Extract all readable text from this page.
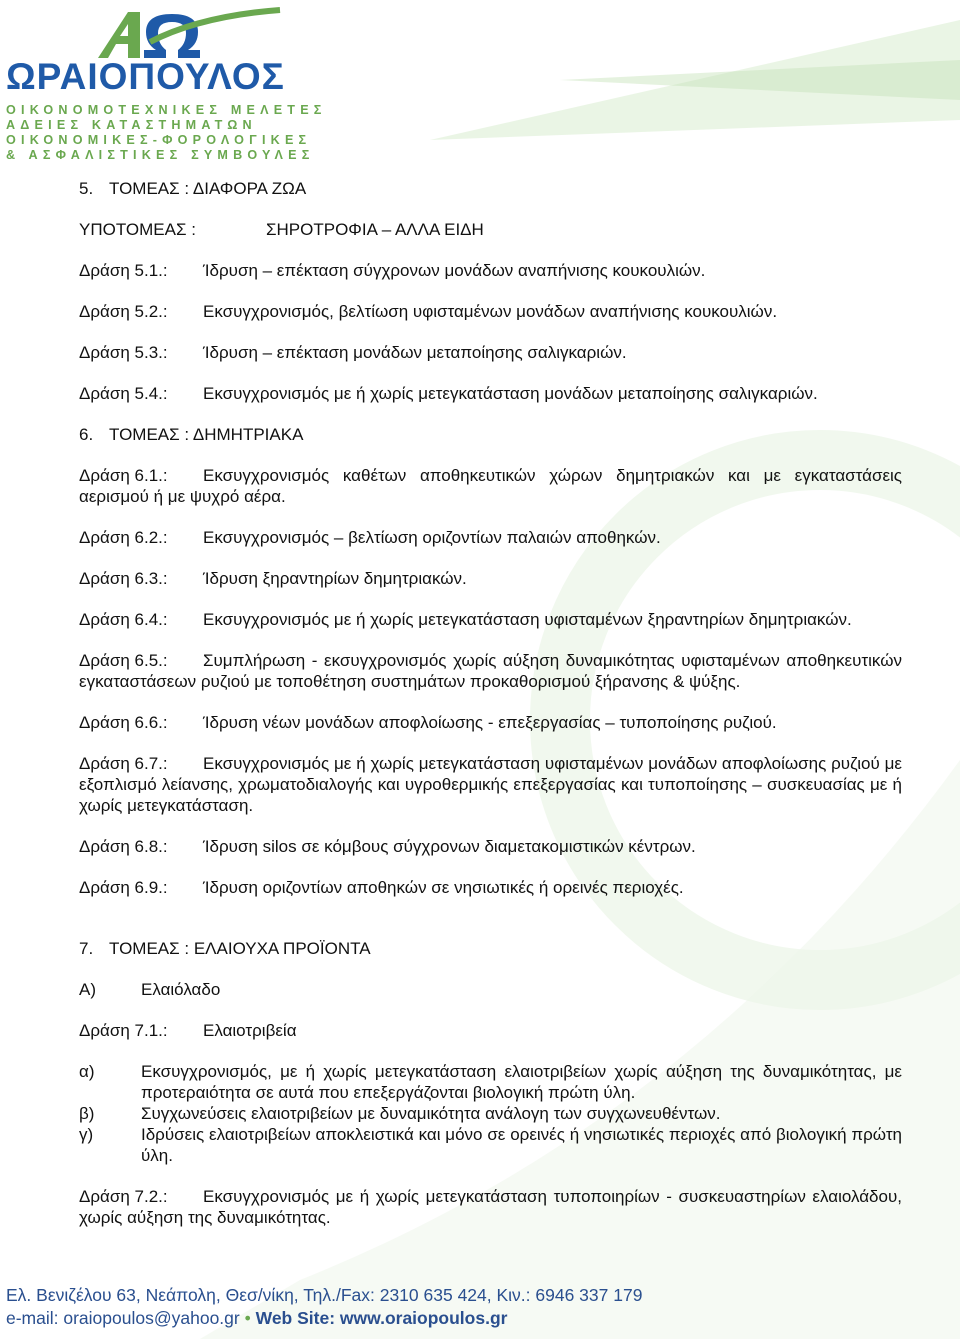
ΩΡΑΙΟΠΟΥΛΟΣ
ΟΙΚΟΝΟΜΟΤΕΧΝΙΚΕΣ ΜΕΛΕΤΕΣ
ΑΔΕΙΕΣ ΚΑΤΑΣΤΗΜΑΤΩΝ
ΟΙΚΟΝΟΜΙΚΕΣ-ΦΟΡΟΛΟΓΙΚΕΣ
& ΑΣΦΑΛΙΣΤΙΚΕΣ ΣΥΜΒΟΥΛΕΣ
5. ΤΟΜΕΑΣ : ΔΙΑΦΟΡΑ ΖΩΑ
ΥΠΟΤΟΜΕΑΣ :	ΣΗΡΟΤΡΟΦΙΑ – ΑΛΛΑ ΕΙΔΗ
Δράση 5.1.:	Ίδρυση – επέκταση σύγχρονων μονάδων αναπήνισης κουκουλιών.
Δράση 5.2.:	Εκσυγχρονισμός, βελτίωση υφισταμένων μονάδων αναπήνισης κουκουλιών.
Δράση 5.3.:	Ίδρυση – επέκταση μονάδων μεταποίησης σαλιγκαριών.
Δράση 5.4.:	Εκσυγχρονισμός με ή χωρίς μετεγκατάσταση μονάδων μεταποίησης σαλιγκαριών.
6. ΤΟΜΕΑΣ : ΔΗΜΗΤΡΙΑΚΑ
Δράση 6.1.: Εκσυγχρονισμός καθέτων αποθηκευτικών χώρων δημητριακών και με εγκαταστάσεις αερισμού ή με ψυχρό αέρα.
Δράση 6.2.:	Εκσυγχρονισμός – βελτίωση οριζοντίων παλαιών αποθηκών.
Δράση 6.3.:	Ίδρυση ξηραντηρίων δημητριακών.
Δράση 6.4.: Εκσυγχρονισμός με ή χωρίς μετεγκατάσταση υφισταμένων ξηραντηρίων δημητριακών.
Δράση 6.5.: Συμπλήρωση - εκσυγχρονισμός χωρίς αύξηση δυναμικότητας υφισταμένων αποθηκευτικών εγκαταστάσεων ρυζιού με τοποθέτηση συστημάτων προκαθορισμού ξήρανσης & ψύξης.
Δράση 6.6.:	Ίδρυση νέων μονάδων αποφλοίωσης - επεξεργασίας – τυποποίησης ρυζιού.
Δράση 6.7.: Εκσυγχρονισμός με ή χωρίς μετεγκατάσταση υφισταμένων μονάδων αποφλοίωσης ρυζιού με εξοπλισμό λείανσης, χρωματοδιαλογής και υγροθερμικής επεξεργασίας και τυποποίησης – συσκευασίας με ή χωρίς μετεγκατάσταση.
Δράση 6.8.:	Ίδρυση silos σε κόμβους σύγχρονων διαμετακομιστικών κέντρων.
Δράση 6.9.:	Ίδρυση οριζοντίων αποθηκών σε νησιωτικές ή ορεινές περιοχές.
7. ΤΟΜΕΑΣ : ΕΛΑΙΟΥΧΑ ΠΡΟΪΟΝΤΑ
Α)	Ελαιόλαδο
Δράση 7.1.:	Ελαιοτριβεία
α)	Εκσυγχρονισμός, με ή χωρίς μετεγκατάσταση ελαιοτριβείων χωρίς αύξηση της δυναμικότητας, με προτεραιότητα σε αυτά που επεξεργάζονται βιολογική πρώτη ύλη.
β)	Συγχωνεύσεις ελαιοτριβείων με δυναμικότητα ανάλογη των συγχωνευθέντων.
γ)	Ιδρύσεις ελαιοτριβείων αποκλειστικά και μόνο σε ορεινές ή νησιωτικές περιοχές από βιολογική πρώτη ύλη.
Δράση 7.2.: Εκσυγχρονισμός με ή χωρίς μετεγκατάσταση τυποποιηρίων - συσκευαστηρίων ελαιολάδου, χωρίς αύξηση της δυναμικότητας.
Ελ. Βενιζέλου 63, Νεάπολη, Θεσ/νίκη, Τηλ./Fax: 2310 635 424, Κιν.: 6946 337 179
e-mail: oraiopoulos@yahoo.gr • Web Site: www.oraiopoulos.gr
